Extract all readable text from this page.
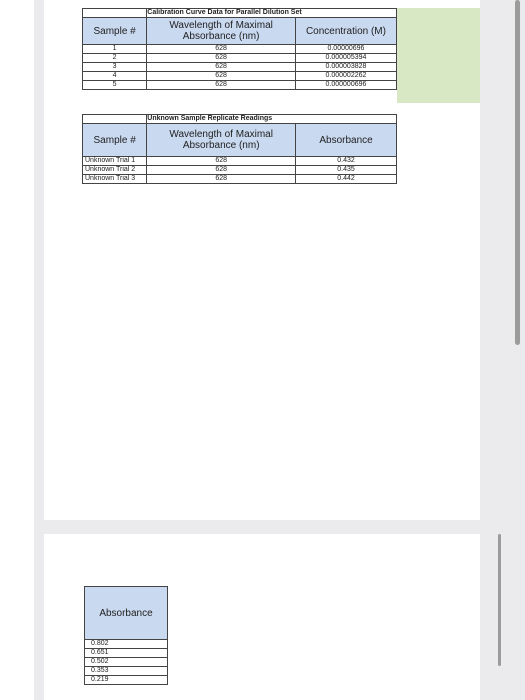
	Calibration Curve Data for Parallel Dilution Set	
Sample #	Wavelength of Maximal Absorbance (nm)	Concentration (M)
1	628	0.00000696
2	628	0.000005394
3	628	0.000003828
4	628	0.000002262
5	628	0.000000696
	Unknown Sample Replicate Readings	
Sample #	Wavelength of Maximal Absorbance (nm)	Absorbance
Unknown Trial 1	628	0.432
Unknown Trial 2	628	0.435
Unknown Trial 3	628	0.442
Absorbance
0.802
0.651
0.502
0.353
0.219
